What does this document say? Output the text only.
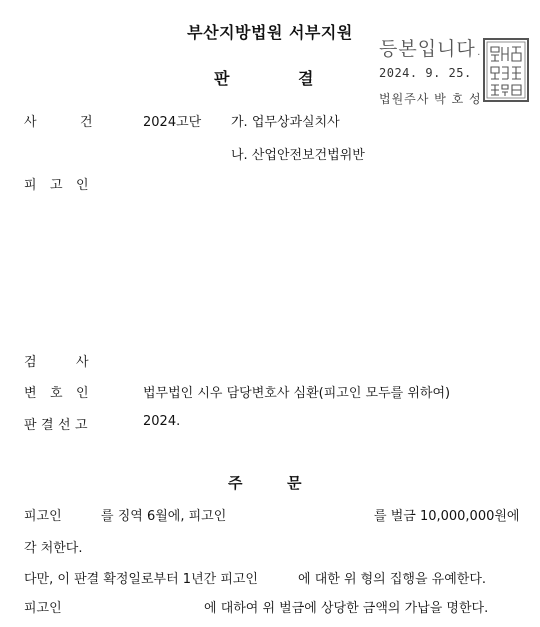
부산지방법원 서부지원
판	결
등본입니다.
2024. 9. 25.
법원주사 박 호 성
사	건	2024고단 가. 업무상과실치사
나. 산업안전보건법위반
피 고 인
검	사
변 호 인	법무법인 시우 담당변호사 심환(피고인 모두를 위하여)
판 결 선 고	2024.
주	문
피고인	를 징역 6월에, 피고인	를 벌금 10,000,000원에
각 처한다.
다만, 이 판결 확정일로부터 1년간 피고인	에 대한 위 형의 집행을 유예한다.
피고인	에 대하여 위 벌금에 상당한 금액의 가납을 명한다.
